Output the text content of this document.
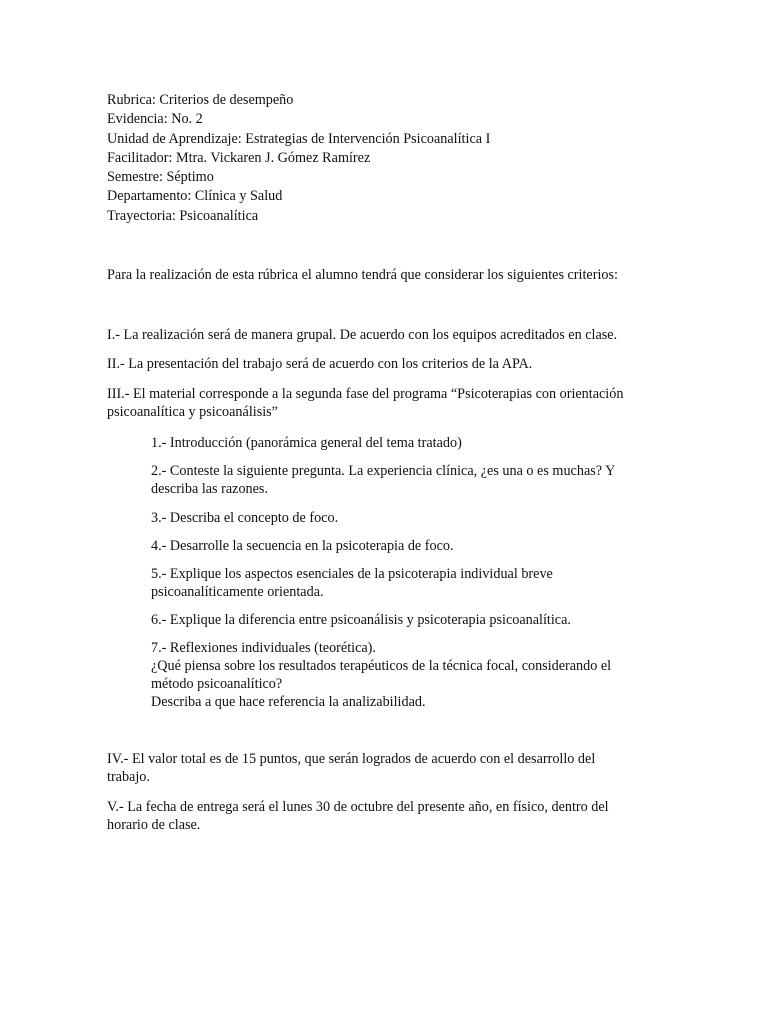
Rubrica: Criterios de desempeño
Evidencia: No. 2
Unidad de Aprendizaje: Estrategias de Intervención Psicoanalítica I
Facilitador: Mtra. Vickaren J. Gómez Ramírez
Semestre: Séptimo
Departamento: Clínica y Salud
Trayectoria: Psicoanalítica
Para la realización de esta rúbrica el alumno tendrá que considerar los siguientes criterios:
I.- La realización será de manera grupal. De acuerdo con los equipos acreditados en clase.
II.- La presentación del trabajo será de acuerdo con los criterios de la APA.
III.- El material corresponde a la segunda fase del programa “Psicoterapias con orientación
psicoanalítica y psicoanálisis”
1.- Introducción (panorámica general del tema tratado)
2.- Conteste la siguiente pregunta. La experiencia clínica, ¿es una o es muchas? Y
describa las razones.
3.- Describa el concepto de foco.
4.- Desarrolle la secuencia en la psicoterapia de foco.
5.- Explique los aspectos esenciales de la psicoterapia individual breve
psicoanalíticamente orientada.
6.- Explique la diferencia entre psicoanálisis y psicoterapia psicoanalítica.
7.- Reflexiones individuales (teorética).
¿Qué piensa sobre los resultados terapéuticos de la técnica focal, considerando el
método psicoanalítico?
Describa a que hace referencia la analizabilidad.
IV.- El valor total es de 15 puntos, que serán logrados de acuerdo con el desarrollo del
trabajo.
V.- La fecha de entrega será el lunes 30 de octubre del presente año, en físico, dentro del
horario de clase.
